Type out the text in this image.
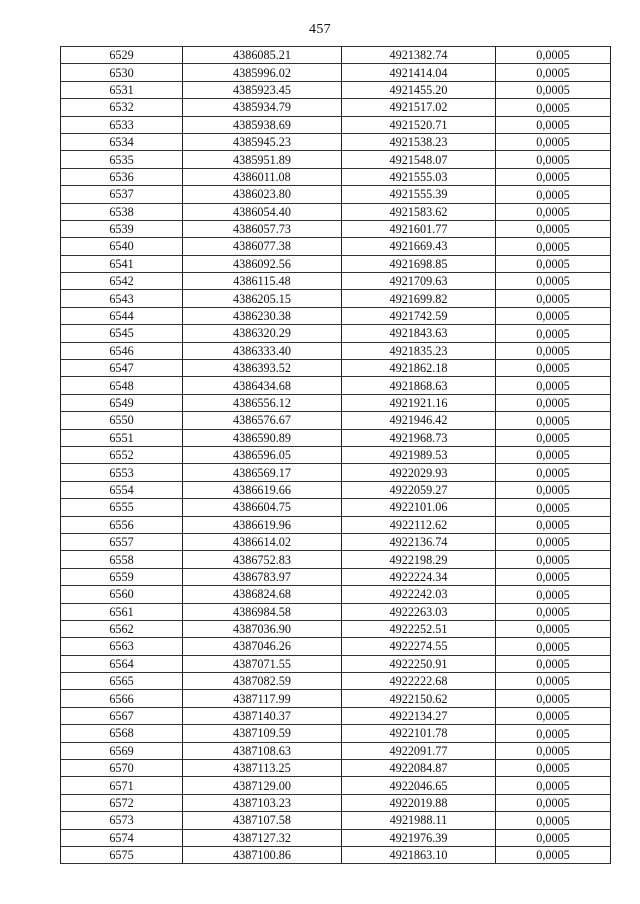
457
6529	4386085.21	4921382.74	0,0005
6530	4385996.02	4921414.04	0,0005
6531	4385923.45	4921455.20	0,0005
6532	4385934.79	4921517.02	0,0005
6533	4385938.69	4921520.71	0,0005
6534	4385945.23	4921538.23	0,0005
6535	4385951.89	4921548.07	0,0005
6536	4386011.08	4921555.03	0,0005
6537	4386023.80	4921555.39	0,0005
6538	4386054.40	4921583.62	0,0005
6539	4386057.73	4921601.77	0,0005
6540	4386077.38	4921669.43	0,0005
6541	4386092.56	4921698.85	0,0005
6542	4386115.48	4921709.63	0,0005
6543	4386205.15	4921699.82	0,0005
6544	4386230.38	4921742.59	0,0005
6545	4386320.29	4921843.63	0,0005
6546	4386333.40	4921835.23	0,0005
6547	4386393.52	4921862.18	0,0005
6548	4386434.68	4921868.63	0,0005
6549	4386556.12	4921921.16	0,0005
6550	4386576.67	4921946.42	0,0005
6551	4386590.89	4921968.73	0,0005
6552	4386596.05	4921989.53	0,0005
6553	4386569.17	4922029.93	0,0005
6554	4386619.66	4922059.27	0,0005
6555	4386604.75	4922101.06	0,0005
6556	4386619.96	4922112.62	0,0005
6557	4386614.02	4922136.74	0,0005
6558	4386752.83	4922198.29	0,0005
6559	4386783.97	4922224.34	0,0005
6560	4386824.68	4922242.03	0,0005
6561	4386984.58	4922263.03	0,0005
6562	4387036.90	4922252.51	0,0005
6563	4387046.26	4922274.55	0,0005
6564	4387071.55	4922250.91	0,0005
6565	4387082.59	4922222.68	0,0005
6566	4387117.99	4922150.62	0,0005
6567	4387140.37	4922134.27	0,0005
6568	4387109.59	4922101.78	0,0005
6569	4387108.63	4922091.77	0,0005
6570	4387113.25	4922084.87	0,0005
6571	4387129.00	4922046.65	0,0005
6572	4387103.23	4922019.88	0,0005
6573	4387107.58	4921988.11	0,0005
6574	4387127.32	4921976.39	0,0005
6575	4387100.86	4921863.10	0,0005
